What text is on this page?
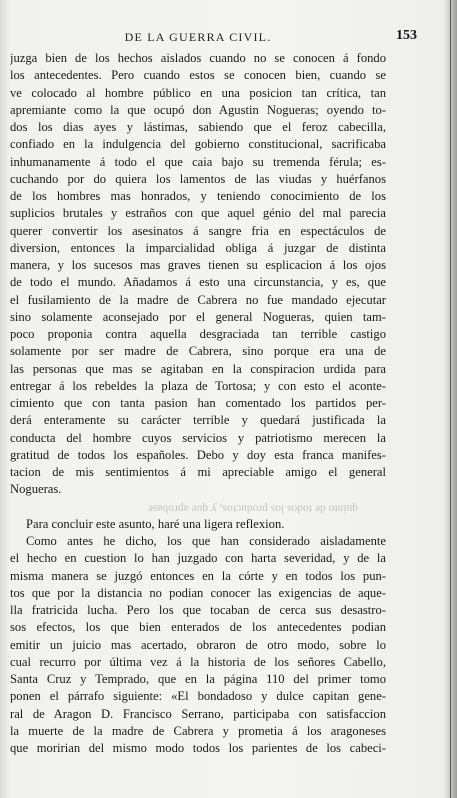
DE LA GUERRA CIVIL.	153
juzga bien de los hechos aislados cuando no se conocen á fondo
los antecedentes. Pero cuando estos se conocen bien, cuando se
ve colocado al hombre público en una posicion tan crítica, tan
apremiante como la que ocupó don Agustin Nogueras; oyendo to-
dos los dias ayes y lástimas, sabiendo que el feroz cabecilla,
confiado en la indulgencia del gobierno constitucional, sacrificaba
inhumanamente á todo el que caia bajo su tremenda férula; es-
cuchando por do quiera los lamentos de las viudas y huérfanos
de los hombres mas honrados, y teniendo conocimiento de los
suplicios brutales y estraños con que aquel génio del mal parecia
querer convertir los asesinatos á sangre fria en espectáculos de
diversion, entonces la imparcialidad obliga á juzgar de distinta
manera, y los sucesos mas graves tienen su esplicacion á los ojos
de todo el mundo. Añadamos á esto una circunstancia, y es, que
el fusilamiento de la madre de Cabrera no fue mandado ejecutar
sino solamente aconsejado por el general Nogueras, quien tam-
poco proponia contra aquella desgraciada tan terrible castigo
solamente por ser madre de Cabrera, sino porque era una de
las personas que mas se agitaban en la conspiracion urdida para
entregar á los rebeldes la plaza de Tortosa; y con esto el aconte-
cimiento que con tanta pasion han comentado los partidos per-
derá enteramente su carácter terrible y quedará justificada la
conducta del hombre cuyos servicios y patriotismo merecen la
gratitud de todos los españoles. Debo y doy esta franca manifes-
tacion de mis sentimientos á mi apreciable amigo el general
Nogueras.
quinto de todos los productos, y que aprobase
Para concluir este asunto, haré una ligera reflexion.
Como antes he dicho, los que han considerado aisladamente
el hecho en cuestion lo han juzgado con harta severidad, y de la
misma manera se juzgó entonces en la córte y en todos los pun-
tos que por la distancia no podian conocer las exigencias de aque-
lla fratricida lucha. Pero los que tocaban de cerca sus desastro-
sos efectos, los que bien enterados de los antecedentes podian
emitir un juicio mas acertado, obraron de otro modo, sobre lo
cual recurro por última vez á la historia de los señores Cabello,
Santa Cruz y Temprado, que en la página 110 del primer tomo
ponen el párrafo siguiente: «El bondadoso y dulce capitan gene-
ral de Aragon D. Francisco Serrano, participaba con satisfaccion
la muerte de la madre de Cabrera y prometia á los aragoneses
que moririan del mismo modo todos los parientes de los cabeci-
